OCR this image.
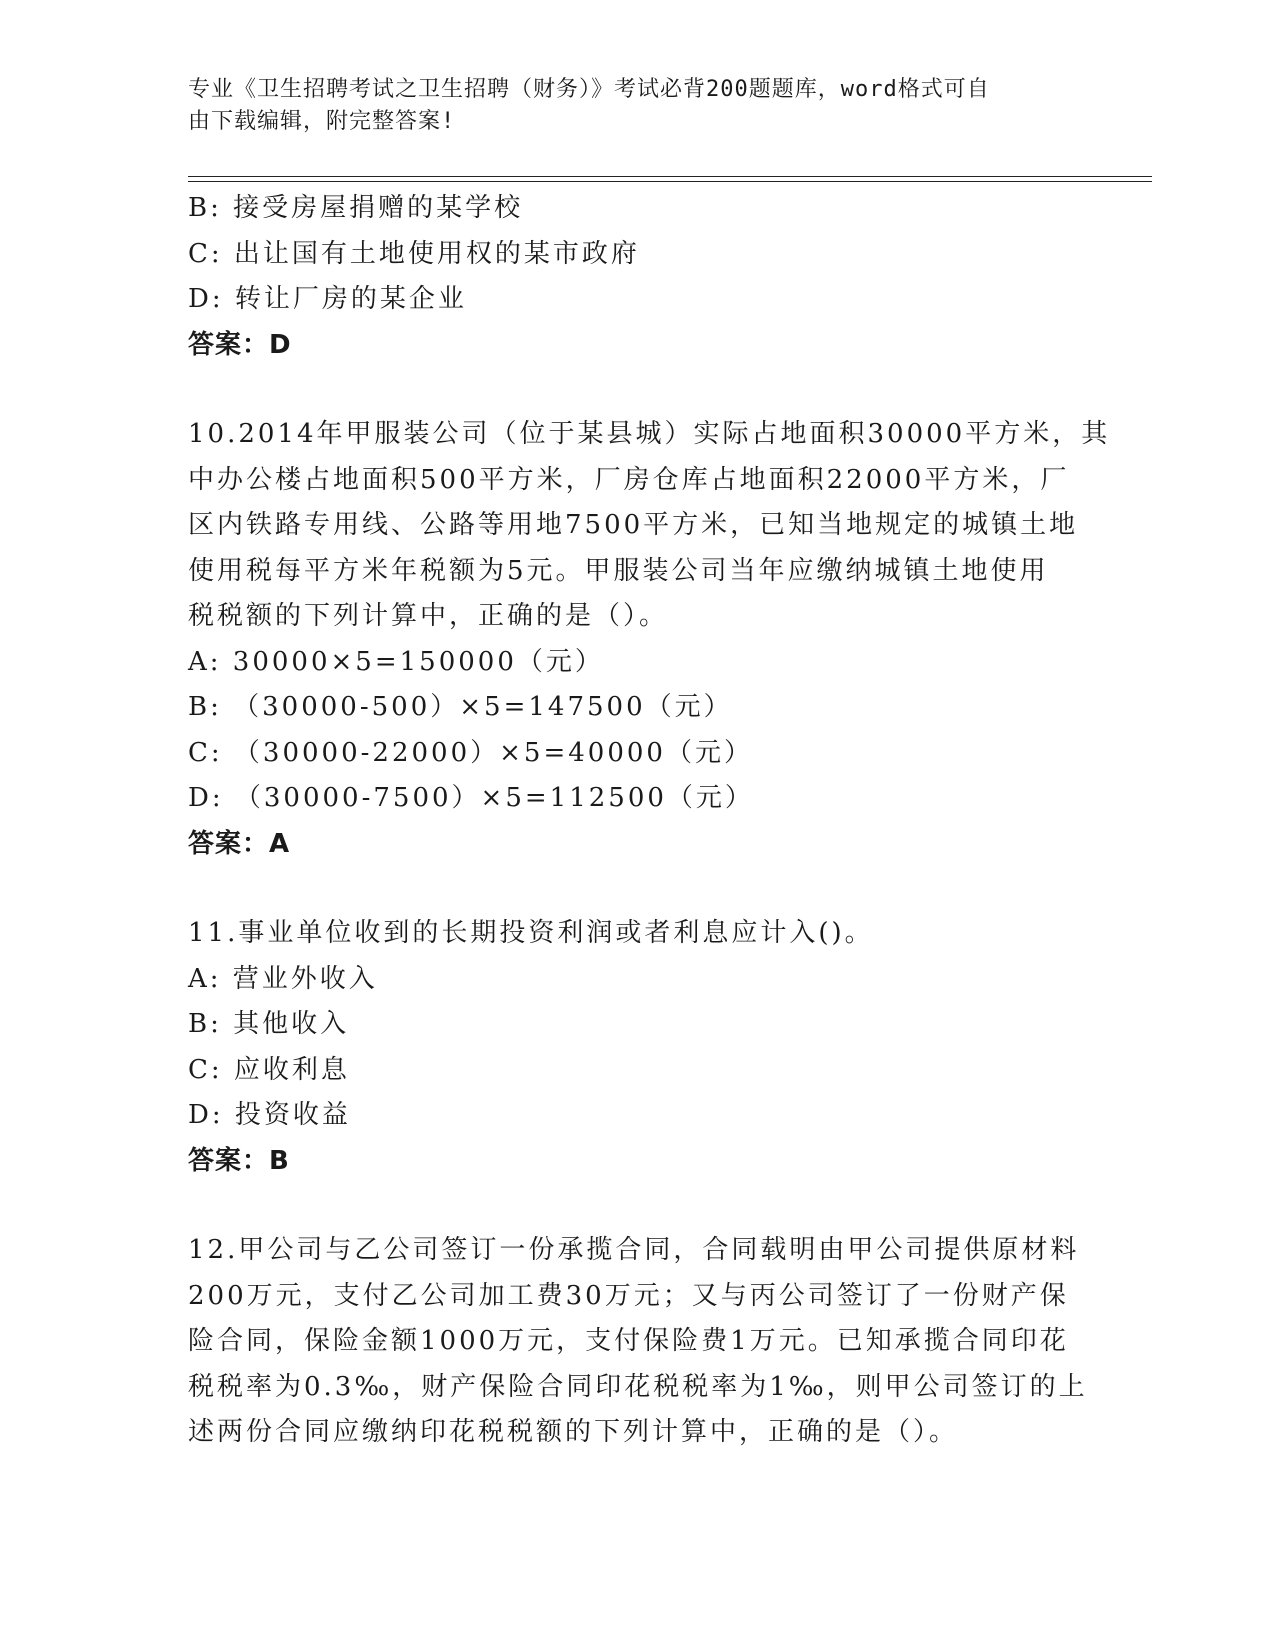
专业《卫生招聘考试之卫生招聘（财务）》考试必背200题题库，word格式可自
由下载编辑，附完整答案!
B: 接受房屋捐赠的某学校
C: 出让国有土地使用权的某市政府
D: 转让厂房的某企业
答案：D
10.2014年甲服装公司（位于某县城）实际占地面积30000平方米，其
中办公楼占地面积500平方米，厂房仓库占地面积22000平方米，厂
区内铁路专用线、公路等用地7500平方米，已知当地规定的城镇土地
使用税每平方米年税额为5元。甲服装公司当年应缴纳城镇土地使用
税税额的下列计算中，正确的是（）。
A: 30000×5=150000（元）
B: （30000-500）×5=147500（元）
C: （30000-22000）×5=40000（元）
D: （30000-7500）×5=112500（元）
答案：A
11.事业单位收到的长期投资利润或者利息应计入()。
A: 营业外收入
B: 其他收入
C: 应收利息
D: 投资收益
答案：B
12.甲公司与乙公司签订一份承揽合同，合同载明由甲公司提供原材料
200万元，支付乙公司加工费30万元；又与丙公司签订了一份财产保
险合同，保险金额1000万元，支付保险费1万元。已知承揽合同印花
税税率为0.3‰，财产保险合同印花税税率为1‰，则甲公司签订的上
述两份合同应缴纳印花税税额的下列计算中，正确的是（）。
